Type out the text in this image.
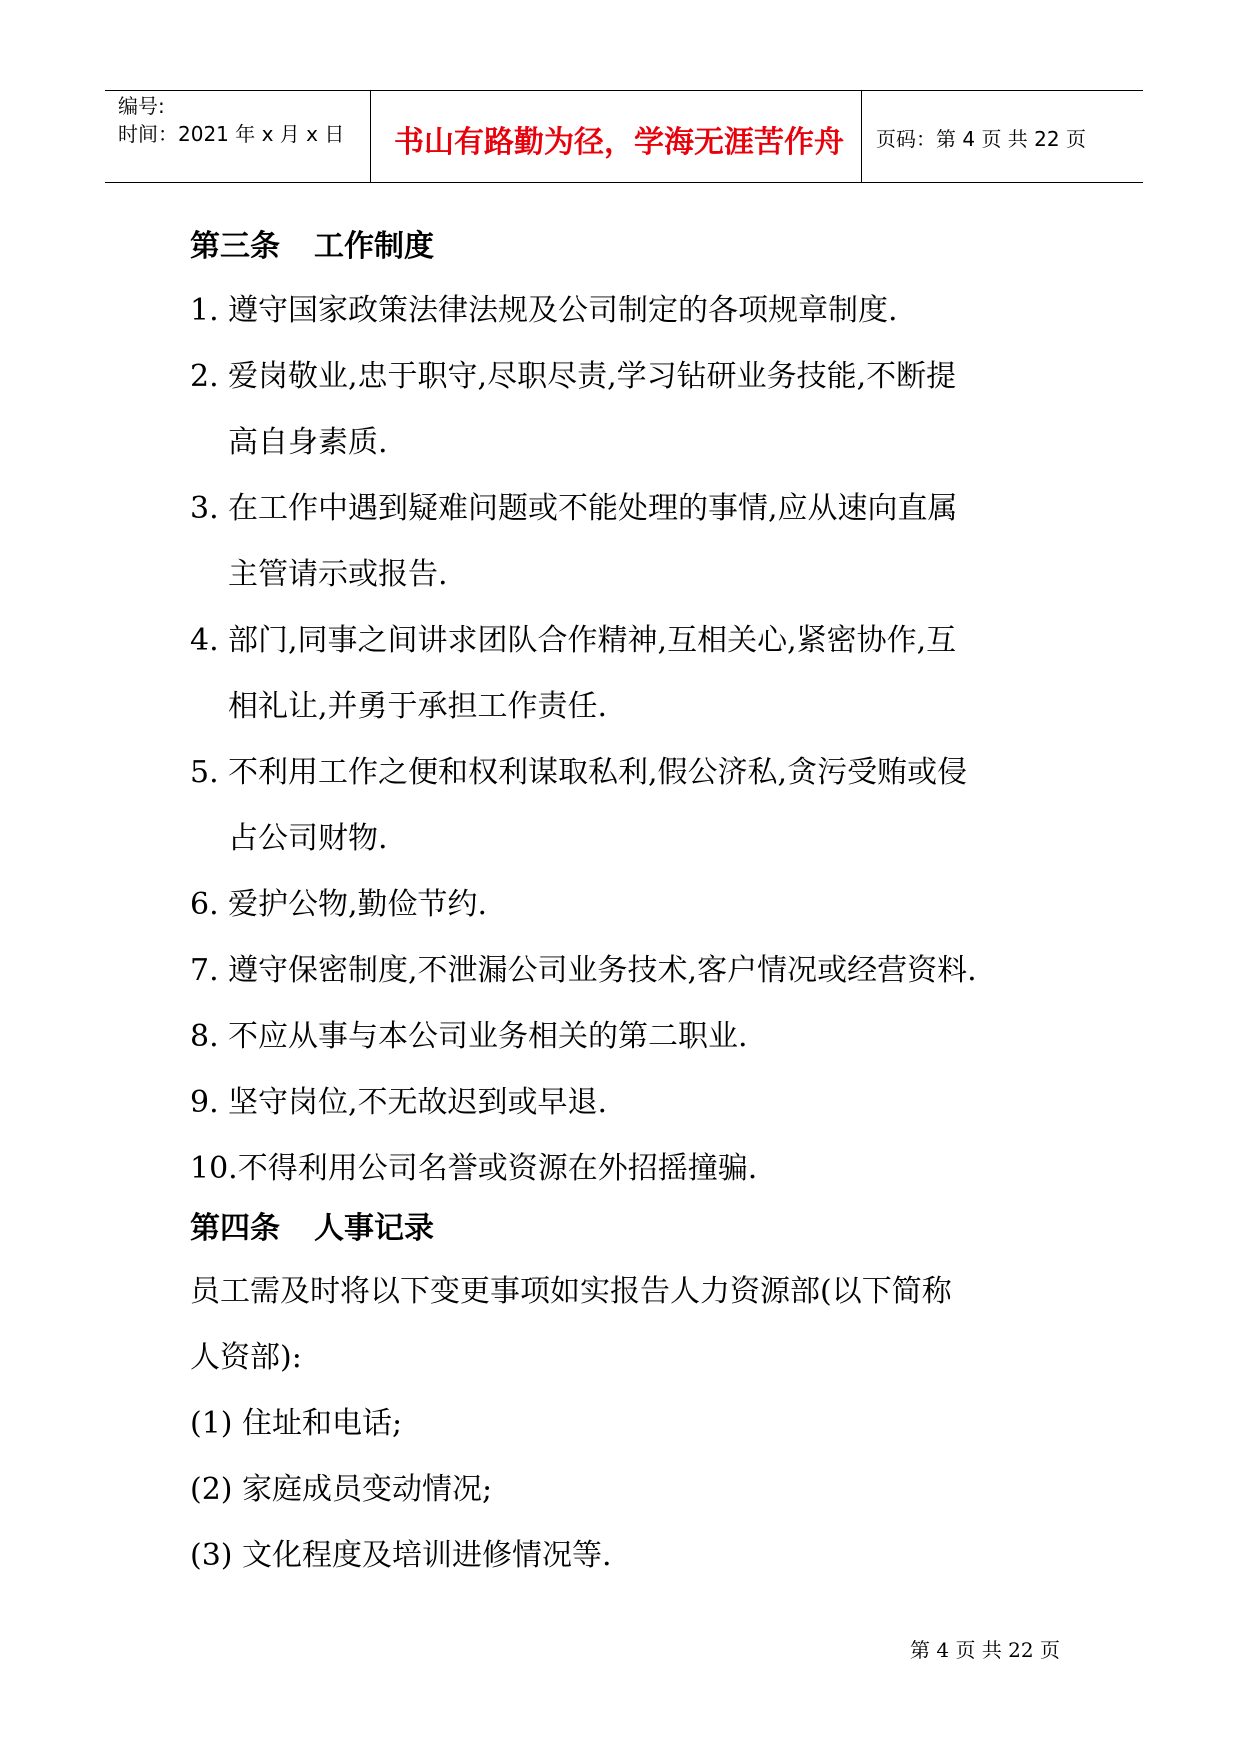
编号:
时间：2021 年 x 月 x 日 书山有路勤为径，学海无涯苦作舟 页码：第 4 页 共 22 页
第三条 工作制度
1. 遵守国家政策法律法规及公司制定的各项规章制度.
2. 爱岗敬业,忠于职守,尽职尽责,学习钻研业务技能,不断提
高自身素质.
3. 在工作中遇到疑难问题或不能处理的事情,应从速向直属
主管请示或报告.
4. 部门,同事之间讲求团队合作精神,互相关心,紧密协作,互
相礼让,并勇于承担工作责任.
5. 不利用工作之便和权利谋取私利,假公济私,贪污受贿或侵
占公司财物.
6. 爱护公物,勤俭节约.
7. 遵守保密制度,不泄漏公司业务技术,客户情况或经营资料.
8. 不应从事与本公司业务相关的第二职业.
9. 坚守岗位,不无故迟到或早退.
10.不得利用公司名誉或资源在外招摇撞骗.
第四条 人事记录
员工需及时将以下变更事项如实报告人力资源部(以下简称
人资部):
(1) 住址和电话;
(2) 家庭成员变动情况;
(3) 文化程度及培训进修情况等.
第 4 页 共 22 页
